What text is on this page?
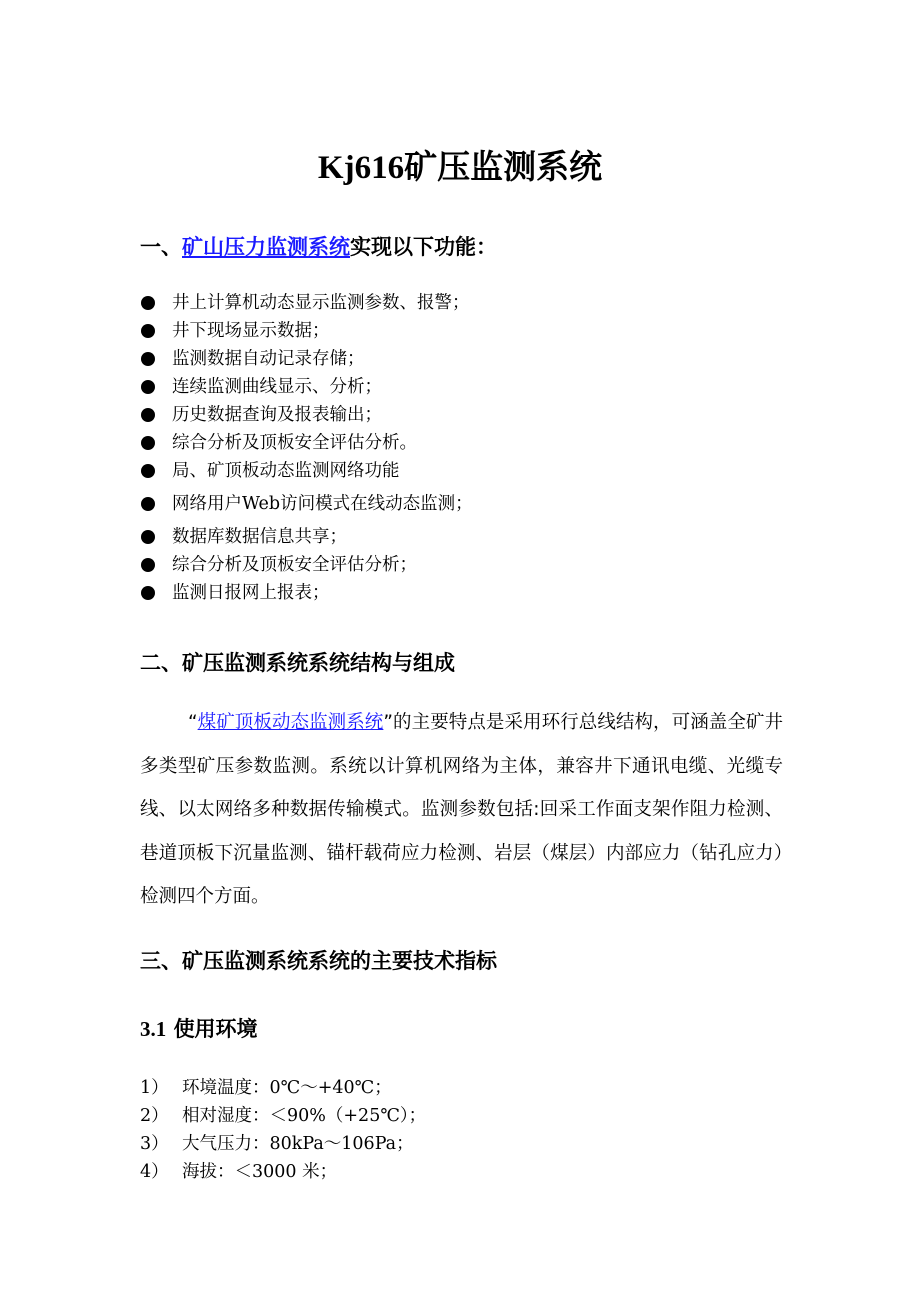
Kj616矿压监测系统
一、矿山压力监测系统实现以下功能：
井上计算机动态显示监测参数、报警；
井下现场显示数据；
监测数据自动记录存储；
连续监测曲线显示、分析；
历史数据查询及报表输出；
综合分析及顶板安全评估分析。
局、矿顶板动态监测网络功能
网络用户Web访问模式在线动态监测；
数据库数据信息共享；
综合分析及顶板安全评估分析；
监测日报网上报表；
二、矿压监测系统系统结构与组成

“煤矿顶板动态监测系统”的主要特点是采用环行总线结构，可涵盖全矿井多类型矿压参数监测。系统以计算机网络为主体，兼容井下通讯电缆、光缆专线、以太网络多种数据传输模式。监测参数包括:回采工作面支架作阻力检测、巷道顶板下沉量监测、锚杆载荷应力检测、岩层（煤层）内部应力（钻孔应力）检测四个方面。

三、矿压监测系统系统的主要技术指标
3.1 使用环境
1） 环境温度：0℃～+40℃；
2） 相对湿度：＜90%（+25℃）；
3） 大气压力：80kPa～106Pa；
4） 海拔：＜3000 米；
